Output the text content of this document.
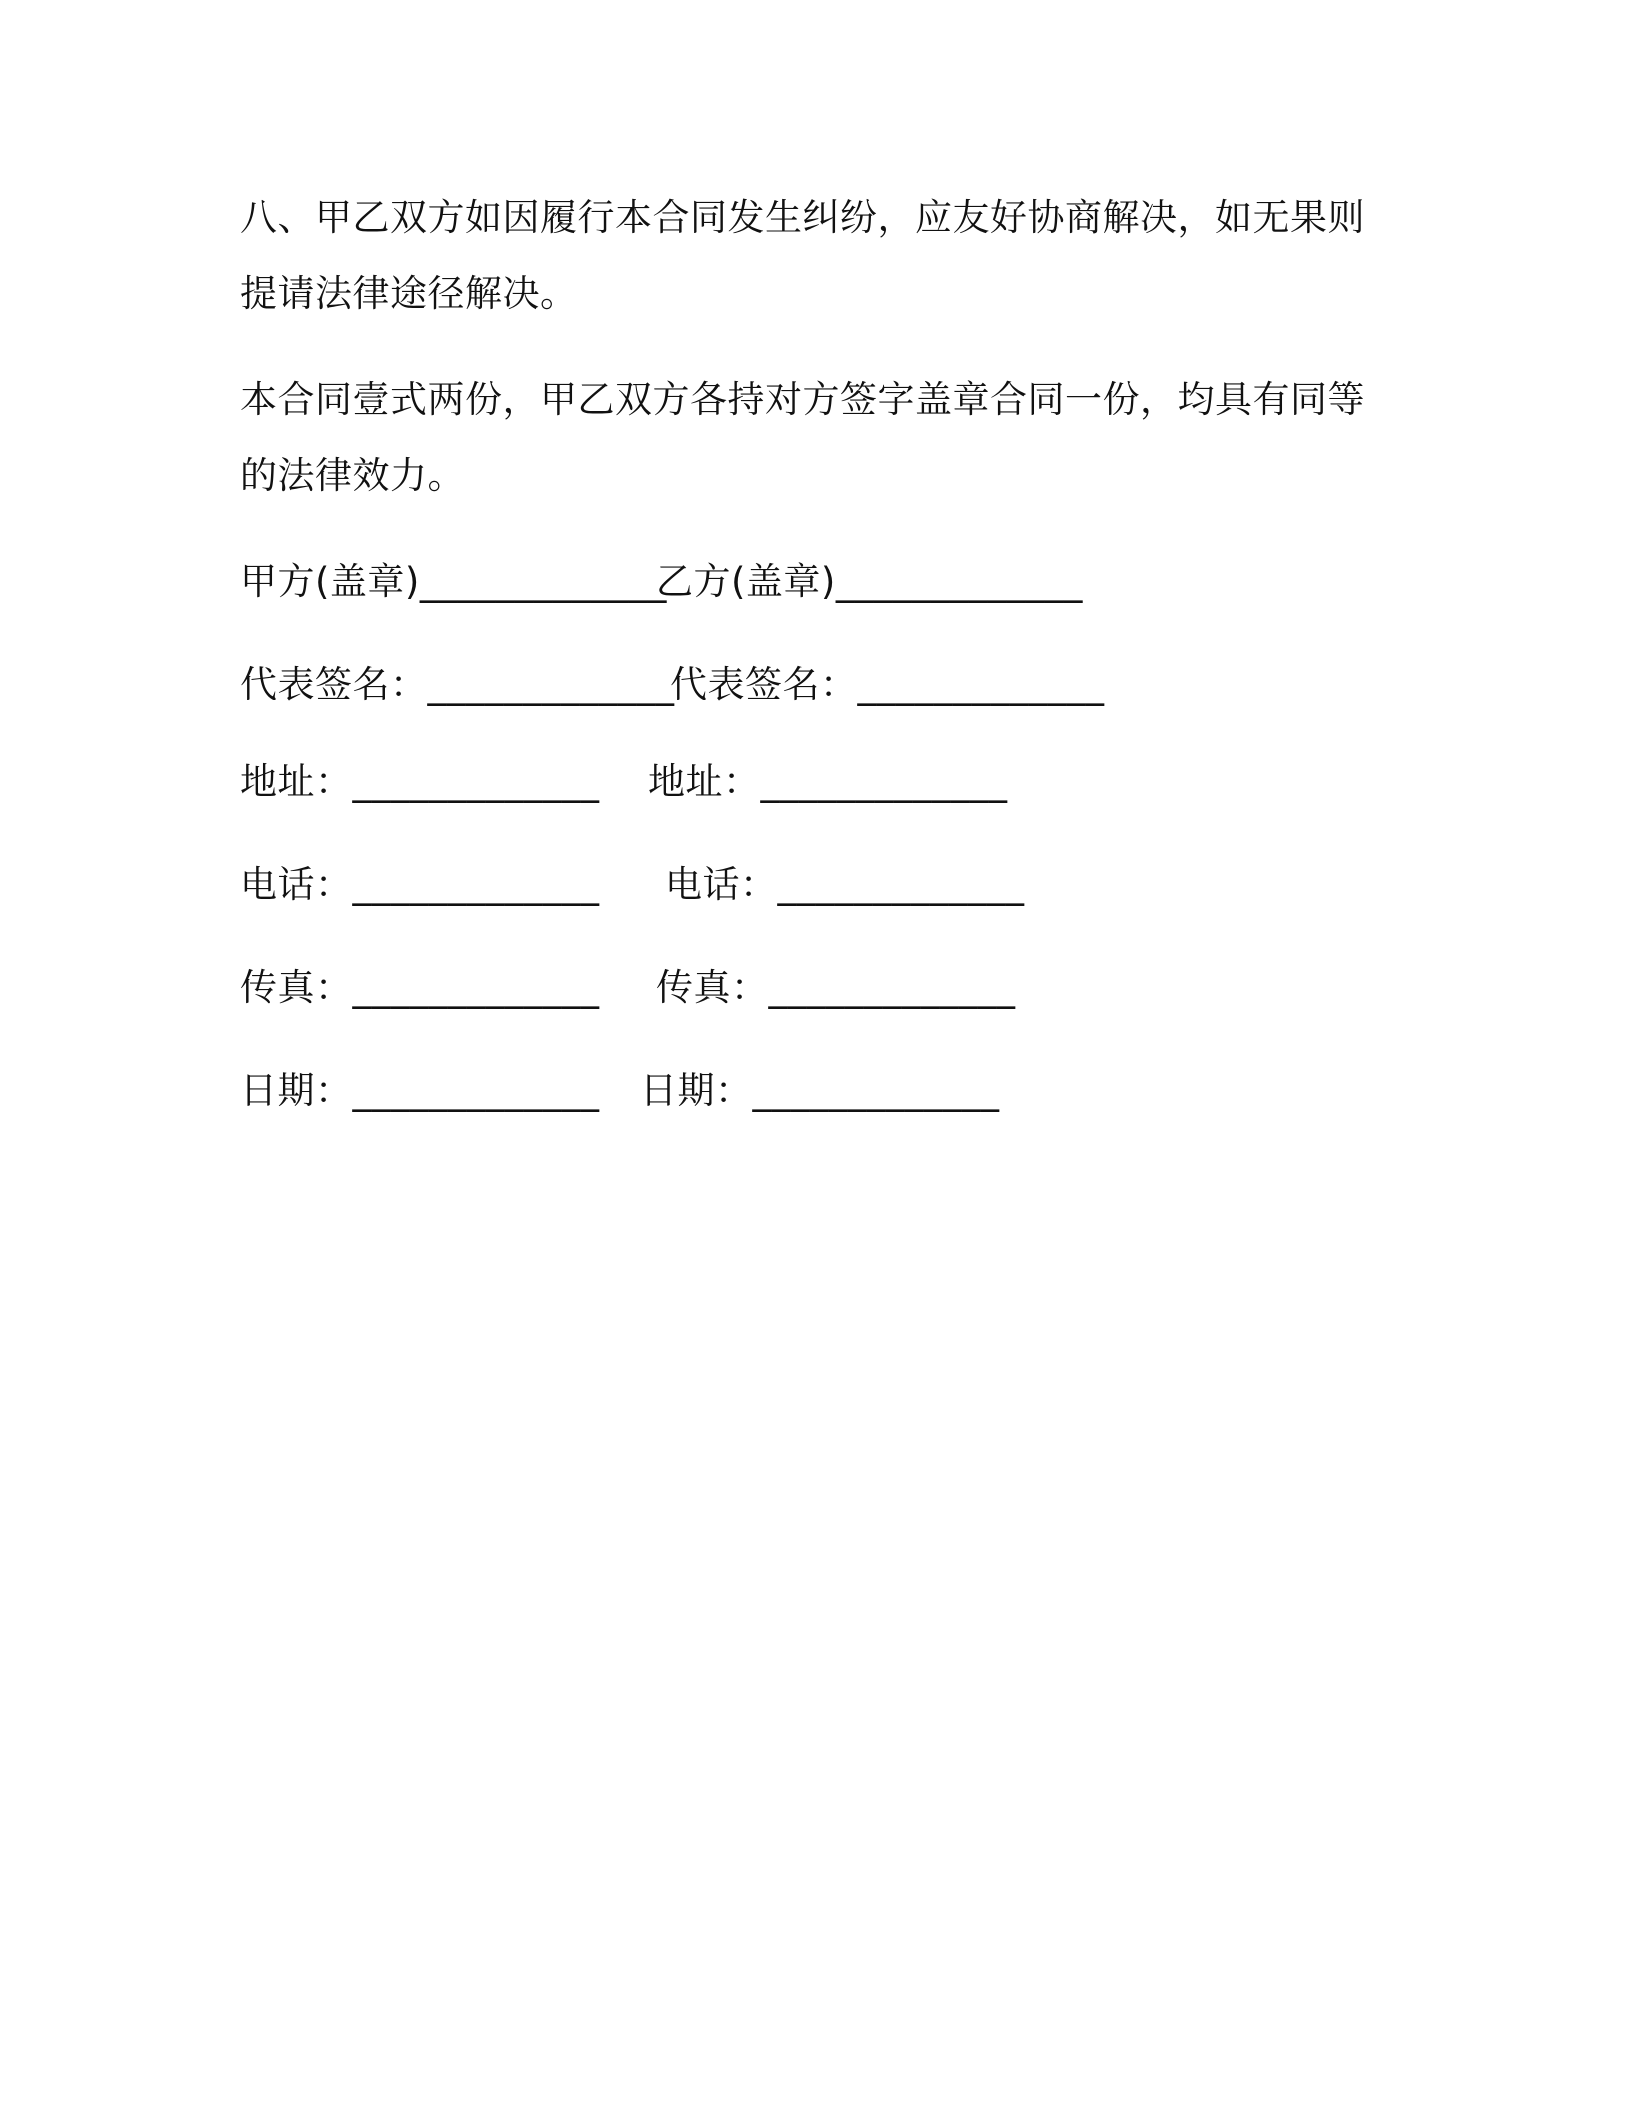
八、甲乙双方如因履行本合同发生纠纷，应友好协商解决，如无果则提请法律途径解决。

本合同壹式两份，甲乙双方各持对方签字盖章合同一份，均具有同等的法律效力。

甲方(盖章)_____________
乙方(盖章)_____________
代表签名：_____________
代表签名：_____________
地址：_____________ 地址：_____________
电话：_____________ 电话：_____________
传真：_____________ 传真：_____________
日期：_____________ 日期：_____________
